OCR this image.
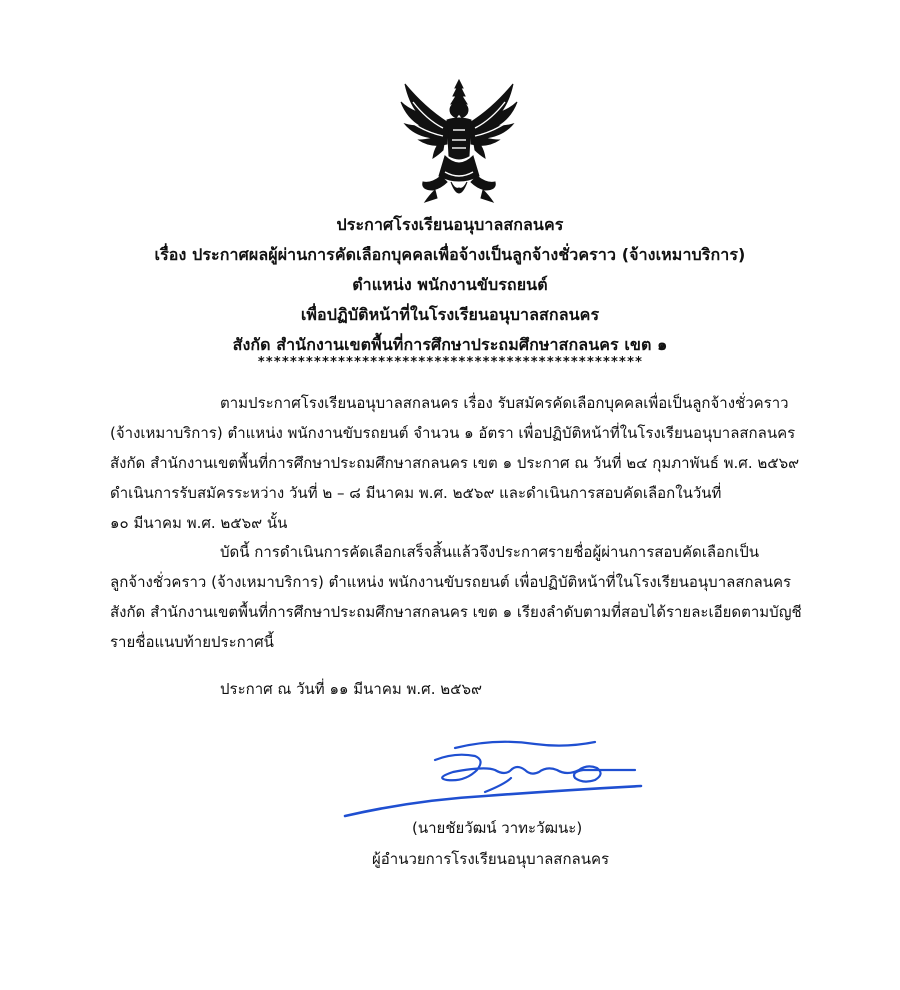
ประกาศโรงเรียนอนุบาลสกลนคร
เรื่อง ประกาศผลผู้ผ่านการคัดเลือกบุคคลเพื่อจ้างเป็นลูกจ้างชั่วคราว (จ้างเหมาบริการ)
ตำแหน่ง พนักงานขับรถยนต์
เพื่อปฏิบัติหน้าที่ในโรงเรียนอนุบาลสกลนคร
สังกัด สำนักงานเขตพื้นที่การศึกษาประถมศึกษาสกลนคร เขต ๑
************************************************
ตามประกาศโรงเรียนอนุบาลสกลนคร เรื่อง รับสมัครคัดเลือกบุคคลเพื่อเป็นลูกจ้างชั่วคราว
(จ้างเหมาบริการ) ตำแหน่ง พนักงานขับรถยนต์ จำนวน ๑ อัตรา เพื่อปฏิบัติหน้าที่ในโรงเรียนอนุบาลสกลนคร
สังกัด สำนักงานเขตพื้นที่การศึกษาประถมศึกษาสกลนคร เขต ๑ ประกาศ ณ วันที่ ๒๔ กุมภาพันธ์ พ.ศ. ๒๕๖๙
ดำเนินการรับสมัครระหว่าง วันที่ ๒ – ๘ มีนาคม พ.ศ. ๒๕๖๙ และดำเนินการสอบคัดเลือกในวันที่
๑๐ มีนาคม พ.ศ. ๒๕๖๙ นั้น
บัดนี้ การดำเนินการคัดเลือกเสร็จสิ้นแล้วจึงประกาศรายชื่อผู้ผ่านการสอบคัดเลือกเป็น
ลูกจ้างชั่วคราว (จ้างเหมาบริการ) ตำแหน่ง พนักงานขับรถยนต์ เพื่อปฏิบัติหน้าที่ในโรงเรียนอนุบาลสกลนคร
สังกัด สำนักงานเขตพื้นที่การศึกษาประถมศึกษาสกลนคร เขต ๑ เรียงลำดับตามที่สอบได้รายละเอียดตามบัญชี
รายชื่อแนบท้ายประกาศนี้
ประกาศ ณ วันที่ ๑๑ มีนาคม พ.ศ. ๒๕๖๙
(นายชัยวัฒน์ วาทะวัฒนะ)
ผู้อำนวยการโรงเรียนอนุบาลสกลนคร
